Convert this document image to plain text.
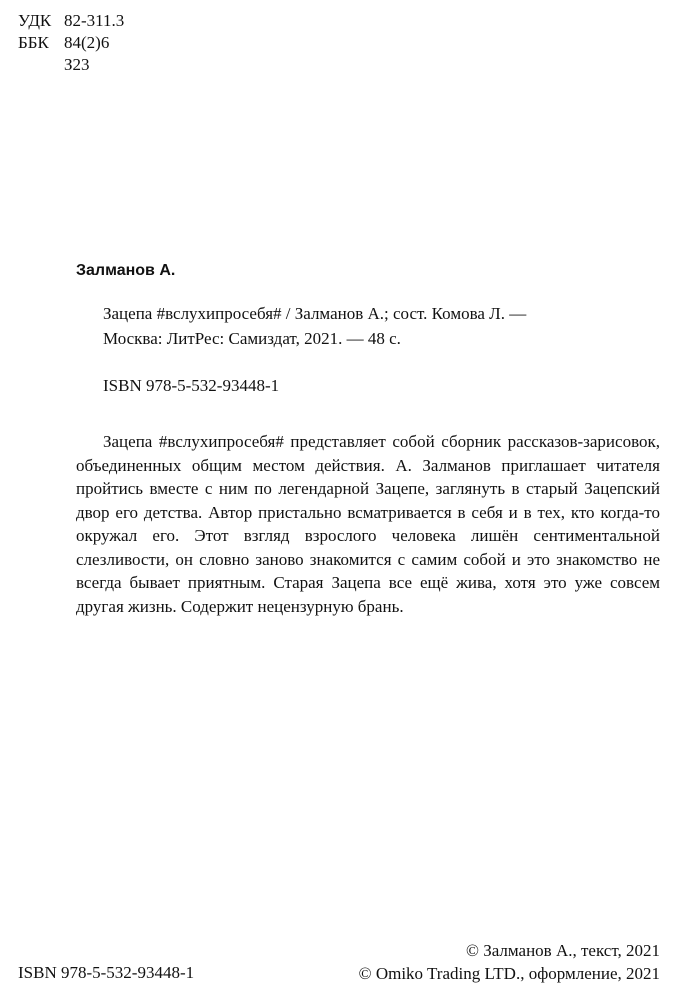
УДК 82-311.3
ББК 84(2)6
З23
Залманов А.
Зацепа #вслухипросебя# / Залманов А.; сост. Комова Л. —
Москва: ЛитРес: Самиздат, 2021. — 48 с.
ISBN 978-5-532-93448-1

Зацепа #вслухипросебя# представляет собой сборник рассказов-зарисовок, объединенных общим местом действия. А. Залманов приглашает читателя пройтись вместе с ним по легендарной Зацепе, заглянуть в старый Зацепский двор его детства. Автор пристально всматривается в себя и в тех, кто когда-то окружал его. Этот взгляд взрослого человека лишён сентиментальной слезливости, он словно заново знакомится с самим собой и это знакомство не всегда бывает приятным. Старая Зацепа все ещё жива, хотя это уже совсем другая жизнь. Содержит нецензурную брань.

ISBN 978-5-532-93448-1
© Залманов А., текст, 2021
© Omiko Trading LTD., оформление, 2021
